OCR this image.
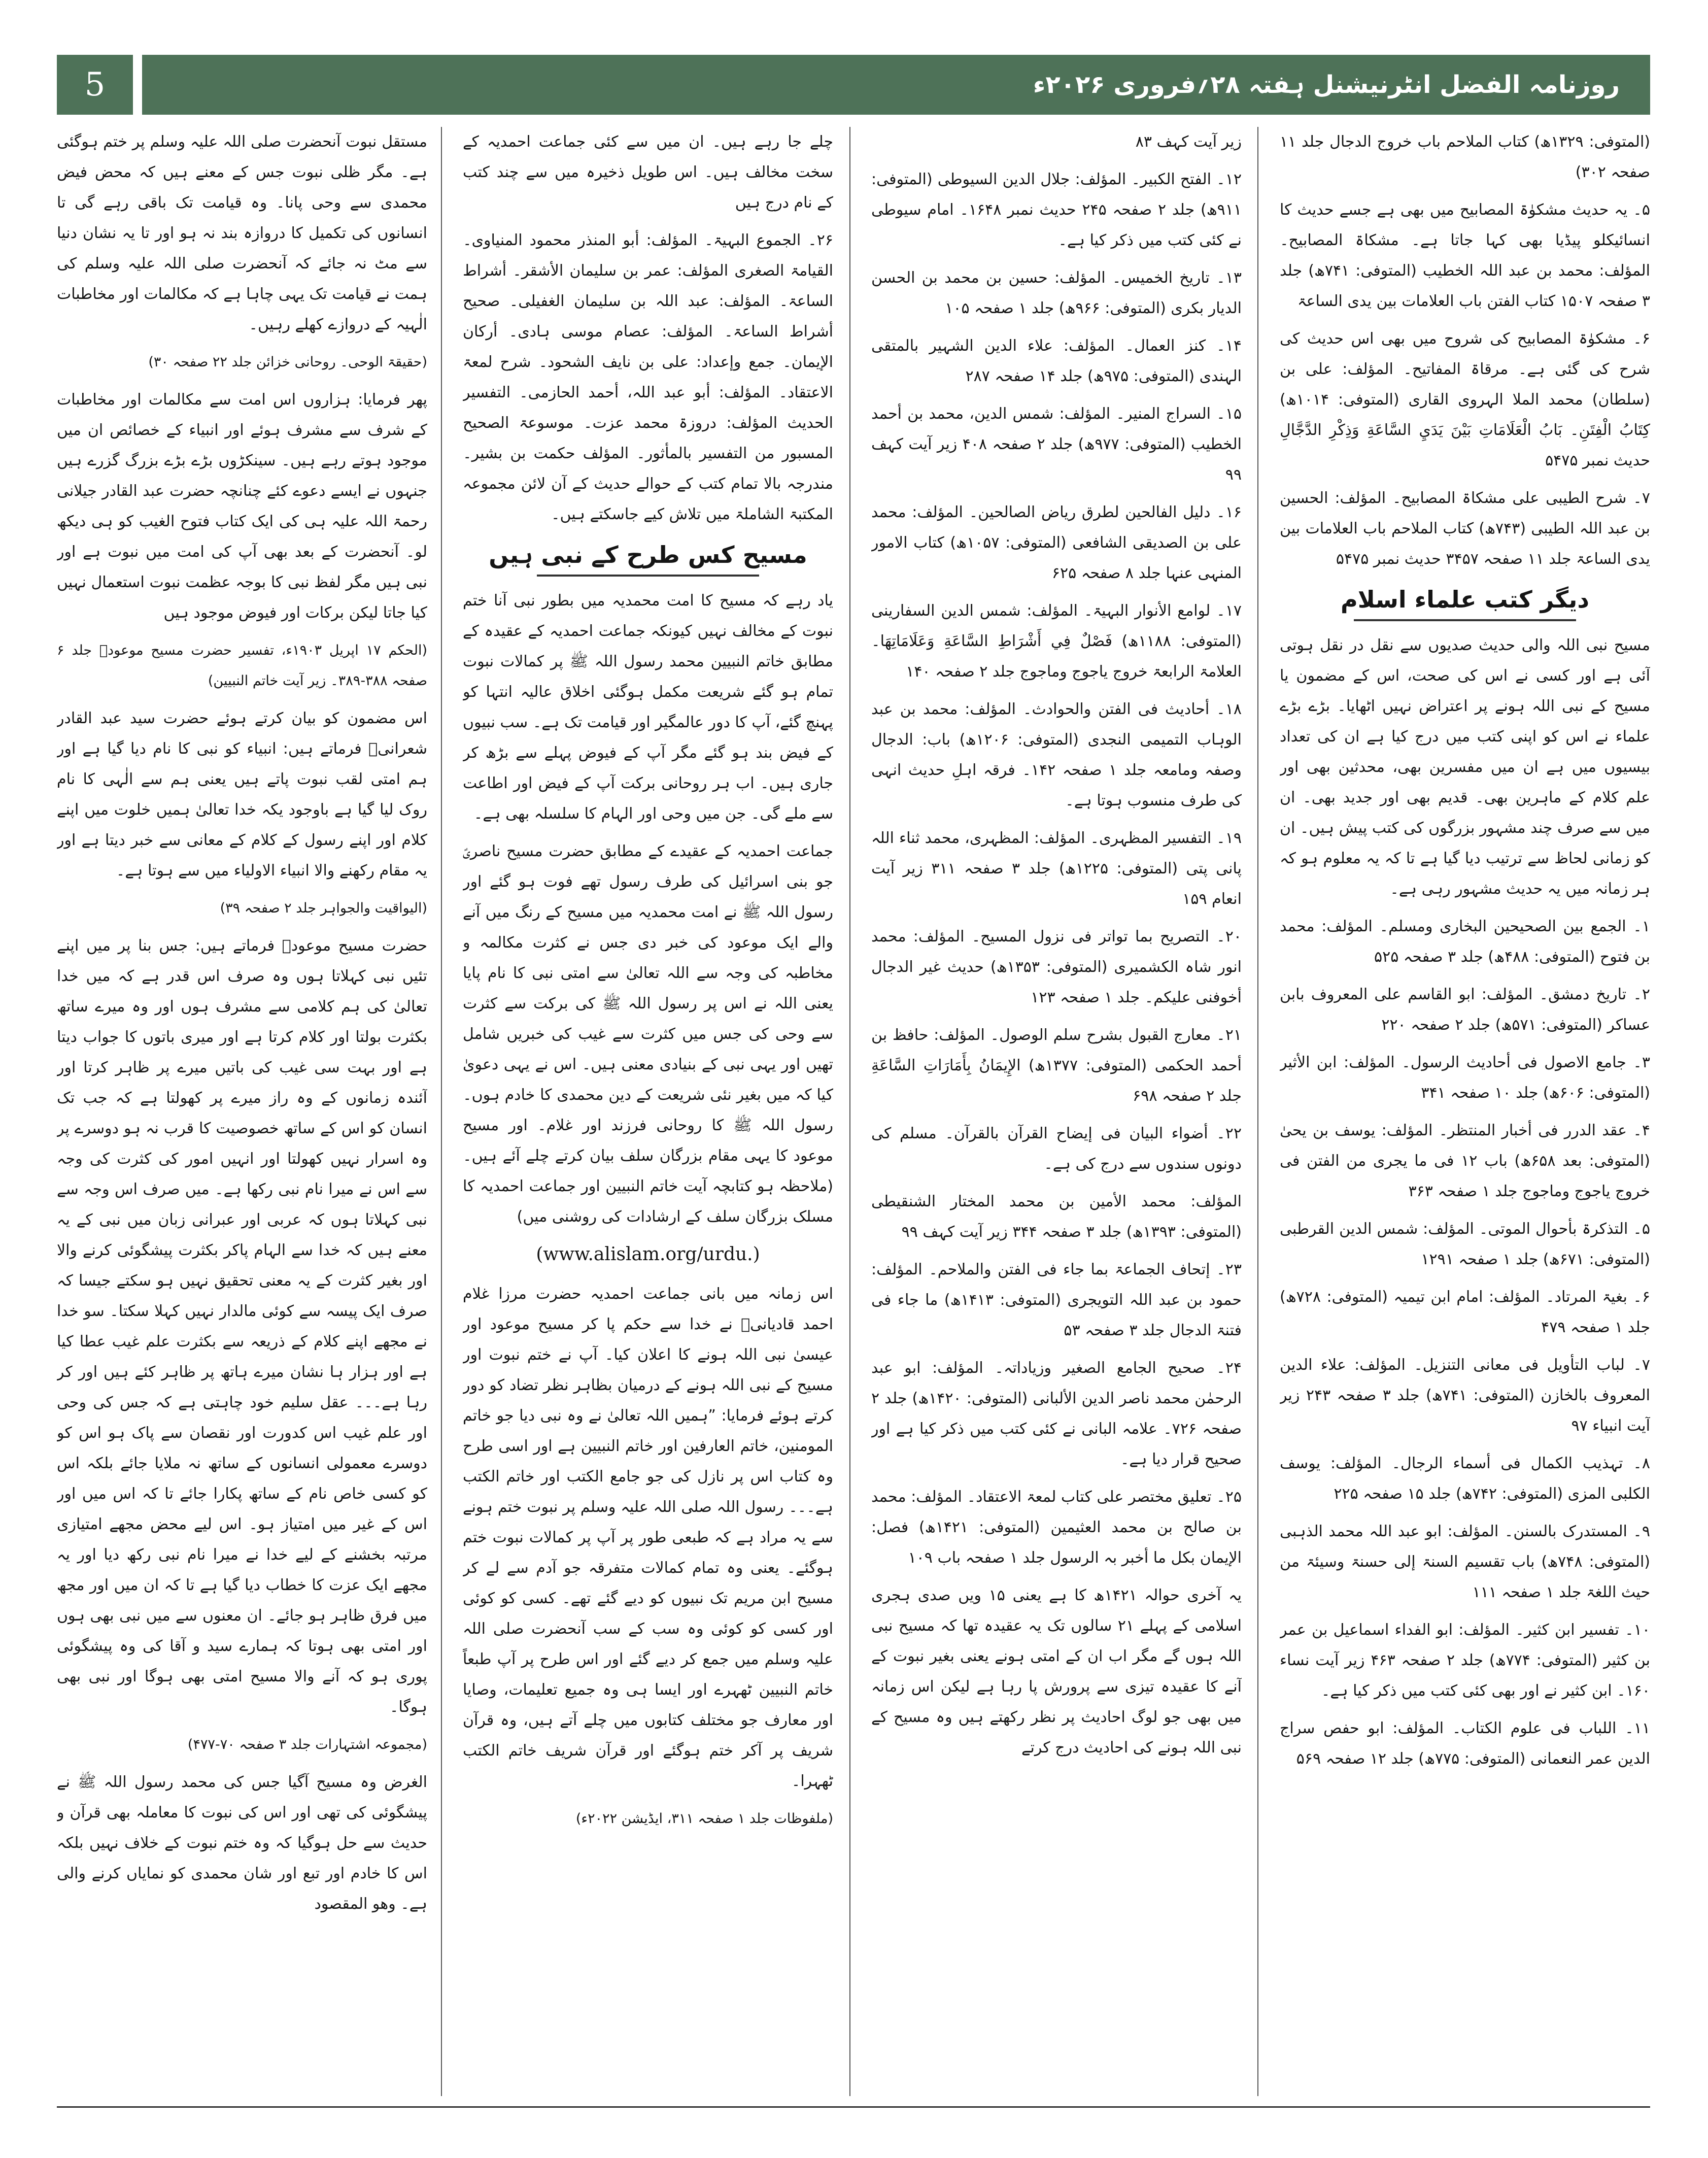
5	روزنامہ الفضل انٹرنیشنل ہفتہ ۲۸؍فروری ۲۰۲۶ء

(المتوفی: ۱۳۲۹ھ) کتاب الملاحم باب خروج الدجال جلد ۱۱ صفحہ ۳۰۲)

۵۔ یہ حدیث مشکوٰۃ المصابیح میں بھی ہے جسے حدیث کا انسائیکلو پیڈیا بھی کہا جاتا ہے۔ مشکاۃ المصابیح۔ المؤلف: محمد بن عبد اللہ الخطیب (المتوفی: ۷۴۱ھ) جلد ۳ صفحہ ۱۵۰۷ کتاب الفتن باب العلامات بین یدی الساعۃ

۶۔ مشکوٰۃ المصابیح کی شروح میں بھی اس حدیث کی شرح کی گئی ہے۔ مرقاۃ المفاتیح۔ المؤلف: علی بن (سلطان) محمد الملا الہروی القاری (المتوفی: ۱۰۱۴ھ) کِتَابُ الْفِتَنِ۔ بَابُ الْعَلَامَاتِ بَيْنَ يَدَيِ السَّاعَةِ وَذِكْرِ الدَّجَّالِ حدیث نمبر ۵۴۷۵

۷۔ شرح الطیبی علی مشکاۃ المصابیح۔ المؤلف: الحسین بن عبد اللہ الطیبی (۷۴۳ھ) کتاب الملاحم باب العلامات بین یدی الساعۃ جلد ۱۱ صفحہ ۳۴۵۷ حدیث نمبر ۵۴۷۵

دیگر کتب علماء اسلام

مسیح نبی اللہ والی حدیث صدیوں سے نقل در نقل ہوتی آئی ہے اور کسی نے اس کی صحت، اس کے مضمون یا مسیح کے نبی اللہ ہونے پر اعتراض نہیں اٹھایا۔ بڑے بڑے علماء نے اس کو اپنی کتب میں درج کیا ہے ان کی تعداد بیسیوں میں ہے ان میں مفسرین بھی، محدثین بھی اور علم کلام کے ماہرین بھی۔ قدیم بھی اور جدید بھی۔ ان میں سے صرف چند مشہور بزرگوں کی کتب پیش ہیں۔ ان کو زمانی لحاظ سے ترتیب دیا گیا ہے تا کہ یہ معلوم ہو کہ ہر زمانہ میں یہ حدیث مشہور رہی ہے۔

۱۔ الجمع بین الصحیحین البخاری ومسلم۔ المؤلف: محمد بن فتوح (المتوفی: ۴۸۸ھ) جلد ۳ صفحہ ۵۲۵

۲۔ تاریخ دمشق۔ المؤلف: ابو القاسم علی المعروف بابن عساکر (المتوفی: ۵۷۱ھ) جلد ۲ صفحہ ۲۲۰

۳۔ جامع الاصول فی أحادیث الرسول۔ المؤلف: ابن الأثیر (المتوفی: ۶۰۶ھ) جلد ۱۰ صفحہ ۳۴۱

۴۔ عقد الدرر فی أخبار المنتظر۔ المؤلف: یوسف بن یحیٰ (المتوفی: بعد ۶۵۸ھ) باب ۱۲ فی ما یجری من الفتن فی خروج یاجوج وماجوج جلد ۱ صفحہ ۳۶۳

۵۔ التذکرۃ بأحوال الموتی۔ المؤلف: شمس الدین القرطبی (المتوفی: ۶۷۱ھ) جلد ۱ صفحہ ۱۲۹۱

۶۔ بغیۃ المرتاد۔ المؤلف: امام ابن تیمیہ (المتوفی: ۷۲۸ھ) جلد ۱ صفحہ ۴۷۹

۷۔ لباب التأویل فی معانی التنزیل۔ المؤلف: علاء الدین المعروف بالخازن (المتوفی: ۷۴۱ھ) جلد ۳ صفحہ ۲۴۳ زیر آیت انبیاء ۹۷

۸۔ تہذیب الکمال فی أسماء الرجال۔ المؤلف: یوسف الکلبی المزی (المتوفی: ۷۴۲ھ) جلد ۱۵ صفحہ ۲۲۵

۹۔ المستدرک بالسنن۔ المؤلف: ابو عبد اللہ محمد الذہبی (المتوفی: ۷۴۸ھ) باب تقسیم السنۃ إلی حسنۃ وسیئۃ من حیث اللغۃ جلد ۱ صفحہ ۱۱۱

۱۰۔ تفسیر ابن کثیر۔ المؤلف: ابو الفداء اسماعیل بن عمر بن کثیر (المتوفی: ۷۷۴ھ) جلد ۲ صفحہ ۴۶۳ زیر آیت نساء ۱۶۰۔ ابن کثیر نے اور بھی کئی کتب میں ذکر کیا ہے۔

۱۱۔ اللباب فی علوم الکتاب۔ المؤلف: ابو حفص سراج الدین عمر النعمانی (المتوفی: ۷۷۵ھ) جلد ۱۲ صفحہ ۵۶۹

زیر آیت کہف ۸۳

۱۲۔ الفتح الکبیر۔ المؤلف: جلال الدین السیوطی (المتوفی: ۹۱۱ھ) جلد ۲ صفحہ ۲۴۵ حدیث نمبر ۱۶۴۸۔ امام سیوطی نے کئی کتب میں ذکر کیا ہے۔

۱۳۔ تاریخ الخمیس۔ المؤلف: حسین بن محمد بن الحسن الدیار بکری (المتوفی: ۹۶۶ھ) جلد ۱ صفحہ ۱۰۵

۱۴۔ کنز العمال۔ المؤلف: علاء الدین الشہیر بالمتقی الہندی (المتوفی: ۹۷۵ھ) جلد ۱۴ صفحہ ۲۸۷

۱۵۔ السراج المنیر۔ المؤلف: شمس الدین، محمد بن أحمد الخطیب (المتوفی: ۹۷۷ھ) جلد ۲ صفحہ ۴۰۸ زیر آیت کہف ۹۹

۱۶۔ دلیل الفالحین لطرق ریاض الصالحین۔ المؤلف: محمد علی بن الصدیقی الشافعی (المتوفی: ۱۰۵۷ھ) کتاب الامور المنہی عنہا جلد ۸ صفحہ ۶۲۵

۱۷۔ لوامع الأنوار البہیۃ۔ المؤلف: شمس الدین السفارینی (المتوفی: ۱۱۸۸ھ) فَصْلٌ فِي أَشْرَاطِ السَّاعَةِ وَعَلَامَاتِهَا۔ العلامۃ الرابعۃ خروج یاجوج وماجوج جلد ۲ صفحہ ۱۴۰

۱۸۔ أحادیث فی الفتن والحوادث۔ المؤلف: محمد بن عبد الوہاب التمیمی النجدی (المتوفی: ۱۲۰۶ھ) باب: الدجال وصفہ ومامعہ جلد ۱ صفحہ ۱۴۲۔ فرقہ اہلِ حدیث انہی کی طرف منسوب ہوتا ہے۔

۱۹۔ التفسیر المظہری۔ المؤلف: المظہری، محمد ثناء اللہ پانی پتی (المتوفی: ۱۲۲۵ھ) جلد ۳ صفحہ ۳۱۱ زیر آیت انعام ۱۵۹

۲۰۔ التصریح بما تواتر فی نزول المسیح۔ المؤلف: محمد انور شاہ الکشمیری (المتوفی: ۱۳۵۳ھ) حدیث غیر الدجال أخوفنی علیکم۔ جلد ۱ صفحہ ۱۲۳

۲۱۔ معارج القبول بشرح سلم الوصول۔ المؤلف: حافظ بن أحمد الحکمی (المتوفی: ۱۳۷۷ھ) الإِيمَانُ بِأَمَارَاتِ السَّاعَةِ جلد ۲ صفحہ ۶۹۸

۲۲۔ أضواء البیان فی إیضاح القرآن بالقرآن۔ مسلم کی دونوں سندوں سے درج کی ہے۔

المؤلف: محمد الأمین بن محمد المختار الشنقیطی (المتوفی: ۱۳۹۳ھ) جلد ۳ صفحہ ۳۴۴ زیر آیت کہف ۹۹

۲۳۔ إتحاف الجماعۃ بما جاء فی الفتن والملاحم۔ المؤلف: حمود بن عبد اللہ التویجری (المتوفی: ۱۴۱۳ھ) ما جاء فی فتنۃ الدجال جلد ۳ صفحہ ۵۳

۲۴۔ صحیح الجامع الصغیر وزیاداتہ۔ المؤلف: ابو عبد الرحمٰن محمد ناصر الدین الألبانی (المتوفی: ۱۴۲۰ھ) جلد ۲ صفحہ ۷۲۶۔ علامہ البانی نے کئی کتب میں ذکر کیا ہے اور صحیح قرار دیا ہے۔

۲۵۔ تعلیق مختصر علی کتاب لمعۃ الاعتقاد۔ المؤلف: محمد بن صالح بن محمد العثیمین (المتوفی: ۱۴۲۱ھ) فصل: الإیمان بکل ما أخبر بہ الرسول جلد ۱ صفحہ باب ۱۰۹

یہ آخری حوالہ ۱۴۲۱ھ کا ہے یعنی ۱۵ ویں صدی ہجری اسلامی کے پہلے ۲۱ سالوں تک یہ عقیدہ تھا کہ مسیح نبی اللہ ہوں گے مگر اب ان کے امتی ہونے یعنی بغیر نبوت کے آنے کا عقیدہ تیزی سے پرورش پا رہا ہے لیکن اس زمانہ میں بھی جو لوگ احادیث پر نظر رکھتے ہیں وہ مسیح کے نبی اللہ ہونے کی احادیث درج کرتے

چلے جا رہے ہیں۔ ان میں سے کئی جماعت احمدیہ کے سخت مخالف ہیں۔ اس طویل ذخیرہ میں سے چند کتب کے نام درج ہیں

۲۶۔ الجموع البہیۃ۔ المؤلف: أبو المنذر محمود المنیاوی۔ القیامۃ الصغری المؤلف: عمر بن سلیمان الأشقر۔ أشراط الساعۃ۔ المؤلف: عبد اللہ بن سلیمان الغفیلی۔ صحیح أشراط الساعۃ۔ المؤلف: عصام موسی ہادی۔ أرکان الإیمان۔ جمع وإعداد: علی بن نایف الشحود۔ شرح لمعۃ الاعتقاد۔ المؤلف: أبو عبد اللہ، أحمد الحازمی۔ التفسیر الحدیث المؤلف: دروزۃ محمد عزت۔ موسوعۃ الصحیح المسبور من التفسیر بالمأثور۔ المؤلف حکمت بن بشیر۔ مندرجہ بالا تمام کتب کے حوالے حدیث کے آن لائن مجموعہ المکتبۃ الشاملۃ میں تلاش کیے جاسکتے ہیں۔

مسیح کس طرح کے نبی ہیں

یاد رہے کہ مسیح کا امت محمدیہ میں بطور نبی آنا ختم نبوت کے مخالف نہیں کیونکہ جماعت احمدیہ کے عقیدہ کے مطابق خاتم النبیین محمد رسول اللہ ﷺ پر کمالات نبوت تمام ہو گئے شریعت مکمل ہوگئی اخلاق عالیہ انتہا کو پہنچ گئے، آپ کا دور عالمگیر اور قیامت تک ہے۔ سب نبیوں کے فیض بند ہو گئے مگر آپ کے فیوض پہلے سے بڑھ کر جاری ہیں۔ اب ہر روحانی برکت آپ کے فیض اور اطاعت سے ملے گی۔ جن میں وحی اور الہام کا سلسلہ بھی ہے۔

جماعت احمدیہ کے عقیدے کے مطابق حضرت مسیح ناصریؑ جو بنی اسرائیل کی طرف رسول تھے فوت ہو گئے اور رسول اللہ ﷺ نے امت محمدیہ میں مسیح کے رنگ میں آنے والے ایک موعود کی خبر دی جس نے کثرت مکالمہ و مخاطبہ کی وجہ سے اللہ تعالیٰ سے امتی نبی کا نام پایا یعنی اللہ نے اس پر رسول اللہ ﷺ کی برکت سے کثرت سے وحی کی جس میں کثرت سے غیب کی خبریں شامل تھیں اور یہی نبی کے بنیادی معنی ہیں۔ اس نے یہی دعویٰ کیا کہ میں بغیر نئی شریعت کے دین محمدی کا خادم ہوں۔ رسول اللہ ﷺ کا روحانی فرزند اور غلام۔ اور مسیح موعود کا یہی مقام بزرگان سلف بیان کرتے چلے آئے ہیں۔ (ملاحظہ ہو کتابچہ آیت خاتم النبیین اور جماعت احمدیہ کا مسلک بزرگان سلف کے ارشادات کی روشنی میں)

(www.alislam.org/urdu.)

اس زمانہ میں بانی جماعت احمدیہ حضرت مرزا غلام احمد قادیانیؑ نے خدا سے حکم پا کر مسیح موعود اور عیسیٰ نبی اللہ ہونے کا اعلان کیا۔ آپ نے ختم نبوت اور مسیح کے نبی اللہ ہونے کے درمیان بظاہر نظر تضاد کو دور کرتے ہوئے فرمایا: ”ہمیں اللہ تعالیٰ نے وہ نبی دیا جو خاتم المومنین، خاتم العارفین اور خاتم النبیین ہے اور اسی طرح وہ کتاب اس پر نازل کی جو جامع الکتب اور خاتم الکتب ہے۔۔۔ رسول اللہ صلی اللہ علیہ وسلم پر نبوت ختم ہونے سے یہ مراد ہے کہ طبعی طور پر آپ پر کمالات نبوت ختم ہوگئے۔ یعنی وہ تمام کمالات متفرقہ جو آدم سے لے کر مسیح ابن مریم تک نبیوں کو دیے گئے تھے۔ کسی کو کوئی اور کسی کو کوئی وہ سب کے سب آنحضرت صلی اللہ علیہ وسلم میں جمع کر دیے گئے اور اس طرح پر آپ طبعاً خاتم النبیین ٹھہرے اور ایسا ہی وہ جمیع تعلیمات، وصایا اور معارف جو مختلف کتابوں میں چلے آتے ہیں، وہ قرآن شریف پر آکر ختم ہوگئے اور قرآن شریف خاتم الکتب ٹھہرا۔

(ملفوظات جلد ۱ صفحہ ۳۱۱، ایڈیشن ۲۰۲۲ء)

مستقل نبوت آنحضرت صلی اللہ علیہ وسلم پر ختم ہوگئی ہے۔ مگر ظلی نبوت جس کے معنے ہیں کہ محض فیض محمدی سے وحی پانا۔ وہ قیامت تک باقی رہے گی تا انسانوں کی تکمیل کا دروازہ بند نہ ہو اور تا یہ نشان دنیا سے مٹ نہ جائے کہ آنحضرت صلی اللہ علیہ وسلم کی ہمت نے قیامت تک یہی چاہا ہے کہ مکالمات اور مخاطبات الٰہیہ کے دروازے کھلے رہیں۔

(حقیقۃ الوحی۔ روحانی خزائن جلد ۲۲ صفحہ ۳۰)

پھر فرمایا: ہزاروں اس امت سے مکالمات اور مخاطبات کے شرف سے مشرف ہوئے اور انبیاء کے خصائص ان میں موجود ہوتے رہے ہیں۔ سینکڑوں بڑے بڑے بزرگ گزرے ہیں جنہوں نے ایسے دعوے کئے چنانچہ حضرت عبد القادر جیلانی رحمۃ اللہ علیہ ہی کی ایک کتاب فتوح الغیب کو ہی دیکھ لو۔ آنحضرت کے بعد بھی آپ کی امت میں نبوت ہے اور نبی ہیں مگر لفظ نبی کا بوجہ عظمت نبوت استعمال نہیں کیا جاتا لیکن برکات اور فیوض موجود ہیں

(الحکم ۱۷ اپریل ۱۹۰۳ء، تفسیر حضرت مسیح موعودؑ جلد ۶ صفحہ ۳۸۸-۳۸۹۔ زیر آیت خاتم النبیین)

اس مضمون کو بیان کرتے ہوئے حضرت سید عبد القادر شعرانیؒ فرماتے ہیں: انبیاء کو نبی کا نام دیا گیا ہے اور ہم امتی لقب نبوت پاتے ہیں یعنی ہم سے الٰہی کا نام روک لیا گیا ہے باوجود یکہ خدا تعالیٰ ہمیں خلوت میں اپنے کلام اور اپنے رسول کے کلام کے معانی سے خبر دیتا ہے اور یہ مقام رکھنے والا انبیاء الاولیاء میں سے ہوتا ہے۔

(الیواقیت والجواہر جلد ۲ صفحہ ۳۹)

حضرت مسیح موعودؑ فرماتے ہیں: جس بنا پر میں اپنے تئیں نبی کہلاتا ہوں وہ صرف اس قدر ہے کہ میں خدا تعالیٰ کی ہم کلامی سے مشرف ہوں اور وہ میرے ساتھ بکثرت بولتا اور کلام کرتا ہے اور میری باتوں کا جواب دیتا ہے اور بہت سی غیب کی باتیں میرے پر ظاہر کرتا اور آئندہ زمانوں کے وہ راز میرے پر کھولتا ہے کہ جب تک انسان کو اس کے ساتھ خصوصیت کا قرب نہ ہو دوسرے پر وہ اسرار نہیں کھولتا اور انہیں امور کی کثرت کی وجہ سے اس نے میرا نام نبی رکھا ہے۔ میں صرف اس وجہ سے نبی کہلاتا ہوں کہ عربی اور عبرانی زبان میں نبی کے یہ معنے ہیں کہ خدا سے الہام پاکر بکثرت پیشگوئی کرنے والا اور بغیر کثرت کے یہ معنی تحقیق نہیں ہو سکتے جیسا کہ صرف ایک پیسہ سے کوئی مالدار نہیں کہلا سکتا۔ سو خدا نے مجھے اپنے کلام کے ذریعہ سے بکثرت علم غیب عطا کیا ہے اور ہزار ہا نشان میرے ہاتھ پر ظاہر کئے ہیں اور کر رہا ہے۔۔۔ عقل سلیم خود چاہتی ہے کہ جس کی وحی اور علم غیب اس کدورت اور نقصان سے پاک ہو اس کو دوسرے معمولی انسانوں کے ساتھ نہ ملایا جائے بلکہ اس کو کسی خاص نام کے ساتھ پکارا جائے تا کہ اس میں اور اس کے غیر میں امتیاز ہو۔ اس لیے محض مجھے امتیازی مرتبہ بخشنے کے لیے خدا نے میرا نام نبی رکھ دیا اور یہ مجھے ایک عزت کا خطاب دیا گیا ہے تا کہ ان میں اور مجھ میں فرق ظاہر ہو جائے۔ ان معنوں سے میں نبی بھی ہوں اور امتی بھی ہوتا کہ ہمارے سید و آقا کی وہ پیشگوئی پوری ہو کہ آنے والا مسیح امتی بھی ہوگا اور نبی بھی ہوگا۔

(مجموعہ اشتہارات جلد ۳ صفحہ ۷۰-۴۷۷)

الغرض وہ مسیح آگیا جس کی محمد رسول اللہ ﷺ نے پیشگوئی کی تھی اور اس کی نبوت کا معاملہ بھی قرآن و حدیث سے حل ہوگیا کہ وہ ختم نبوت کے خلاف نہیں بلکہ اس کا خادم اور تبع اور شان محمدی کو نمایاں کرنے والی ہے۔ وھو المقصود
